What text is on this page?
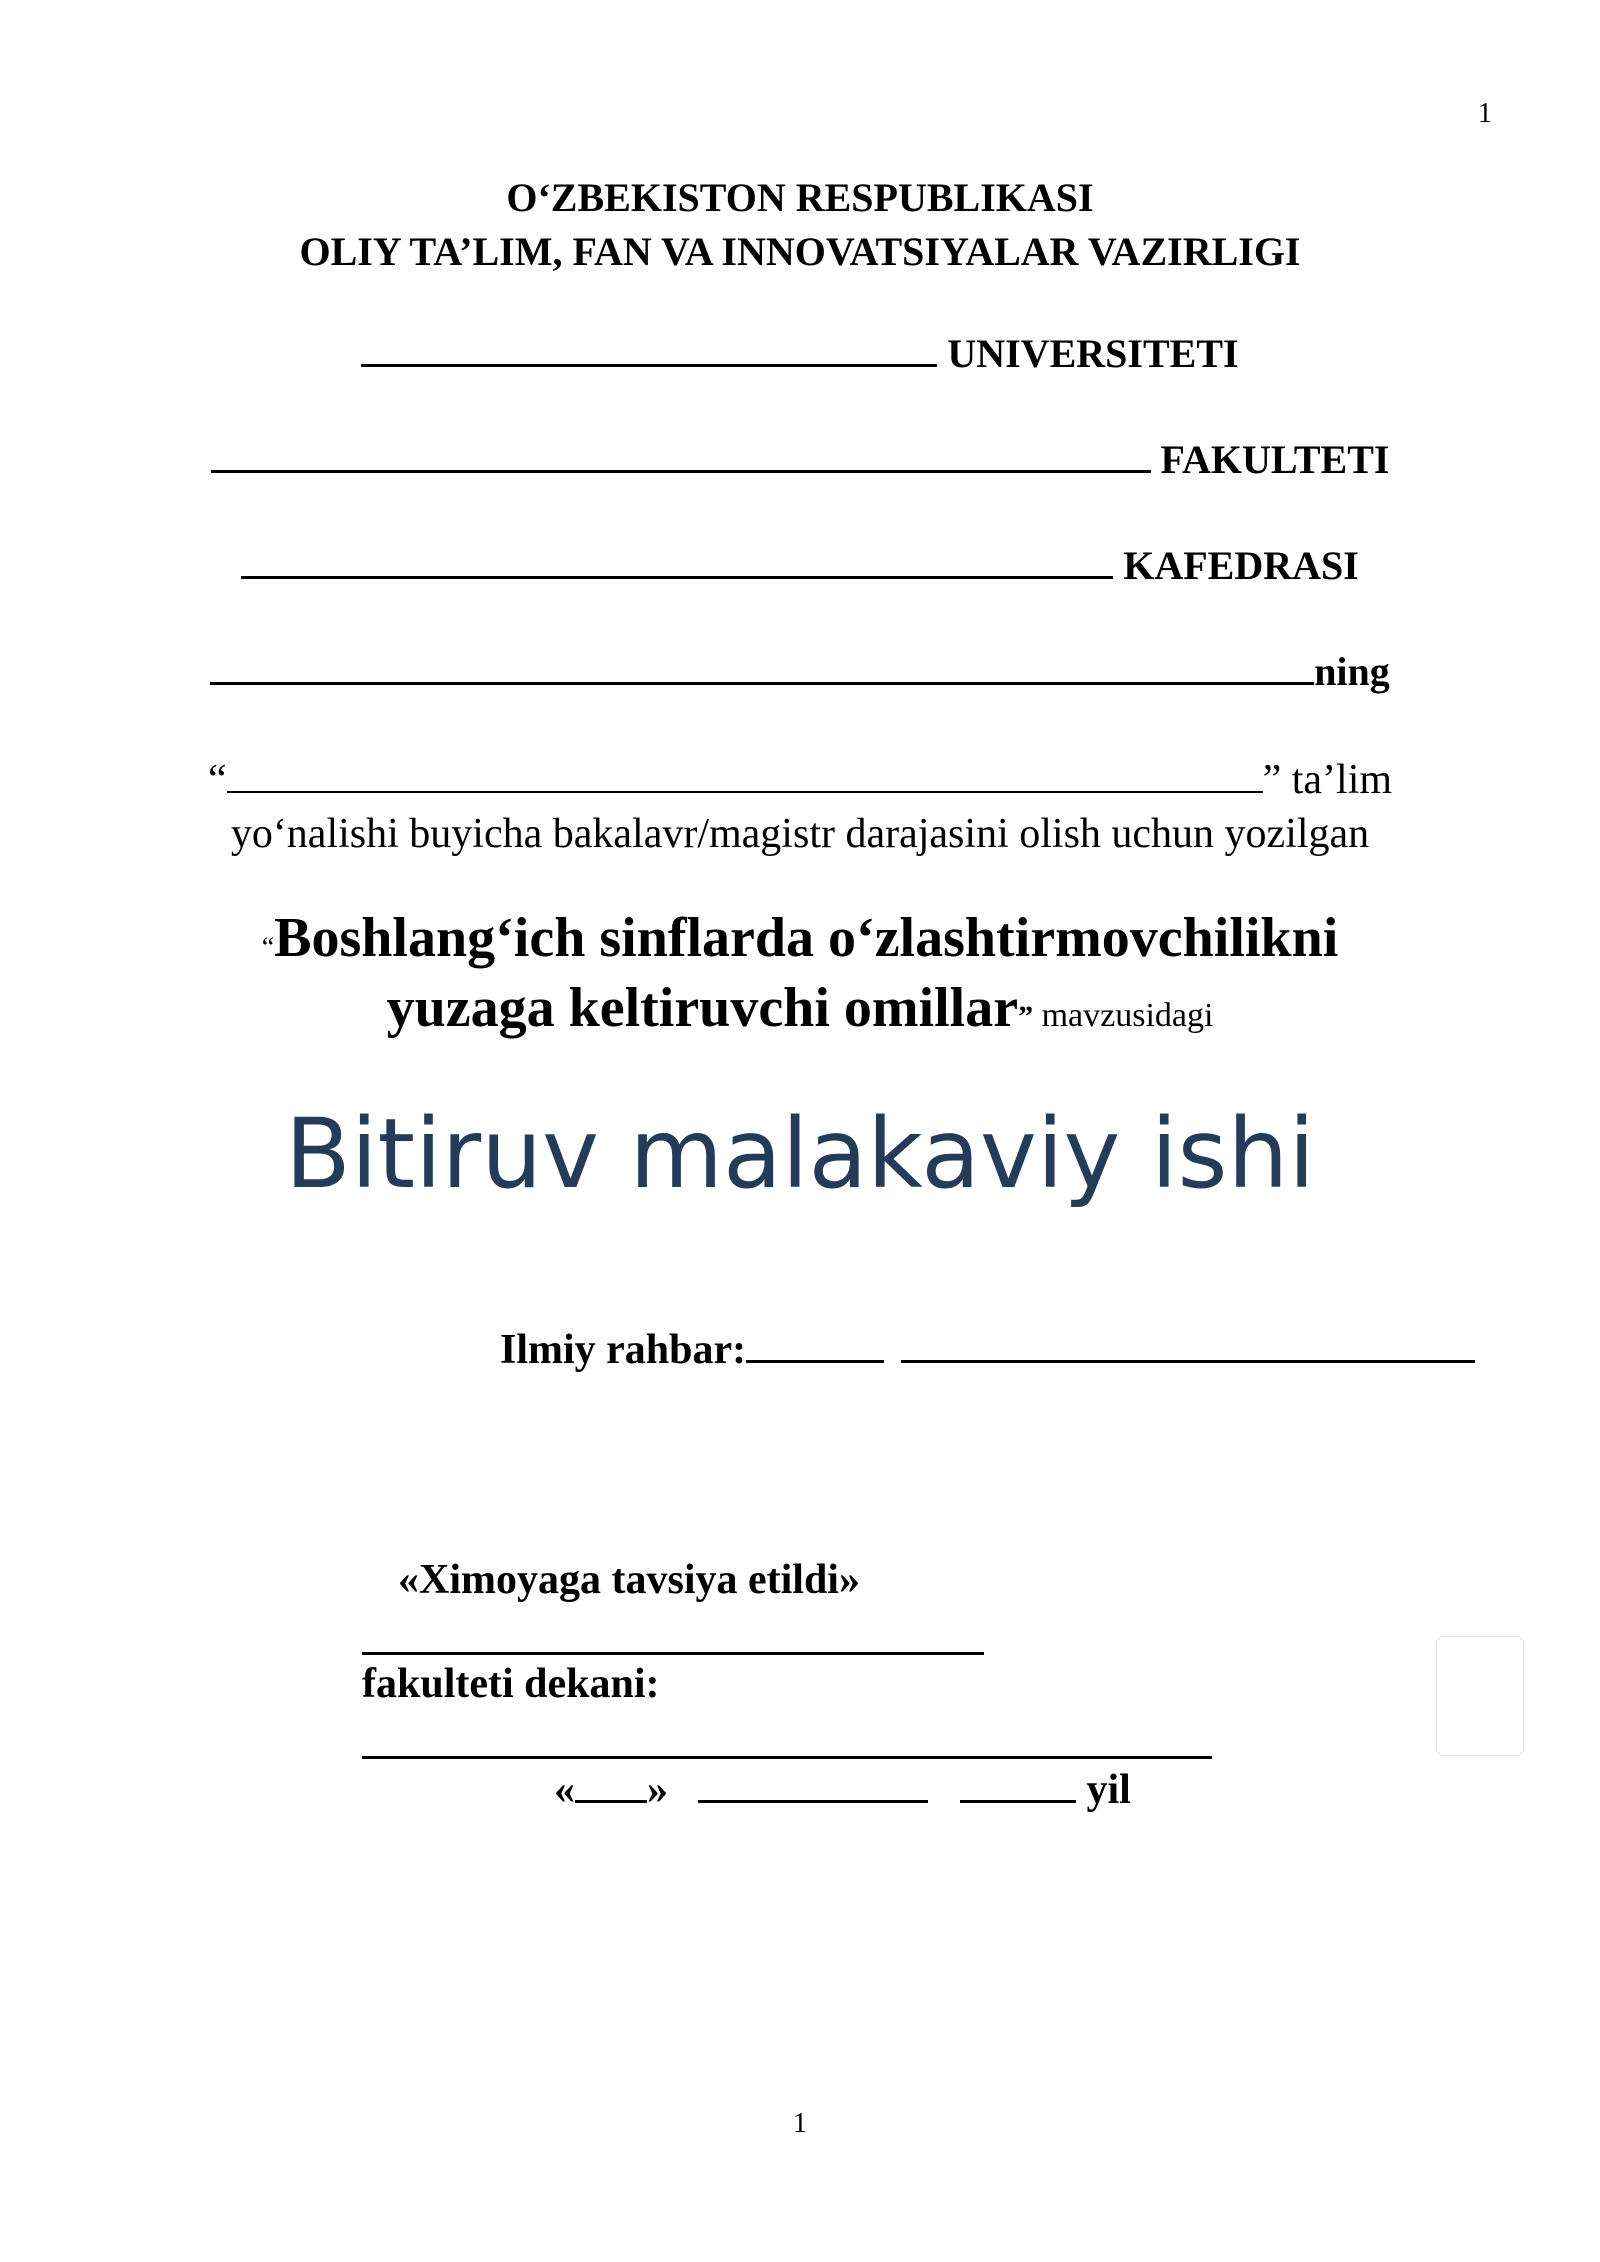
1
O‘ZBEKISTON RESPUBLIKASI
OLIY TA’LIM, FAN VA INNOVATSIYALAR VAZIRLIGI
UNIVERSITETI
FAKULTETI
KAFEDRASI
ning
“	” ta’lim
yo‘nalishi buyicha bakalavr/magistr darajasini olish uchun yozilgan
“Boshlang‘ich sinflarda o‘zlashtirmovchilikni
yuzaga keltiruvchi omillar” mavzusidagi
Bitiruv malakaviy ishi
Ilmiy rahbar:
«Ximoyaga tavsiya etildi»
fakulteti dekani:
« »	yil
1
